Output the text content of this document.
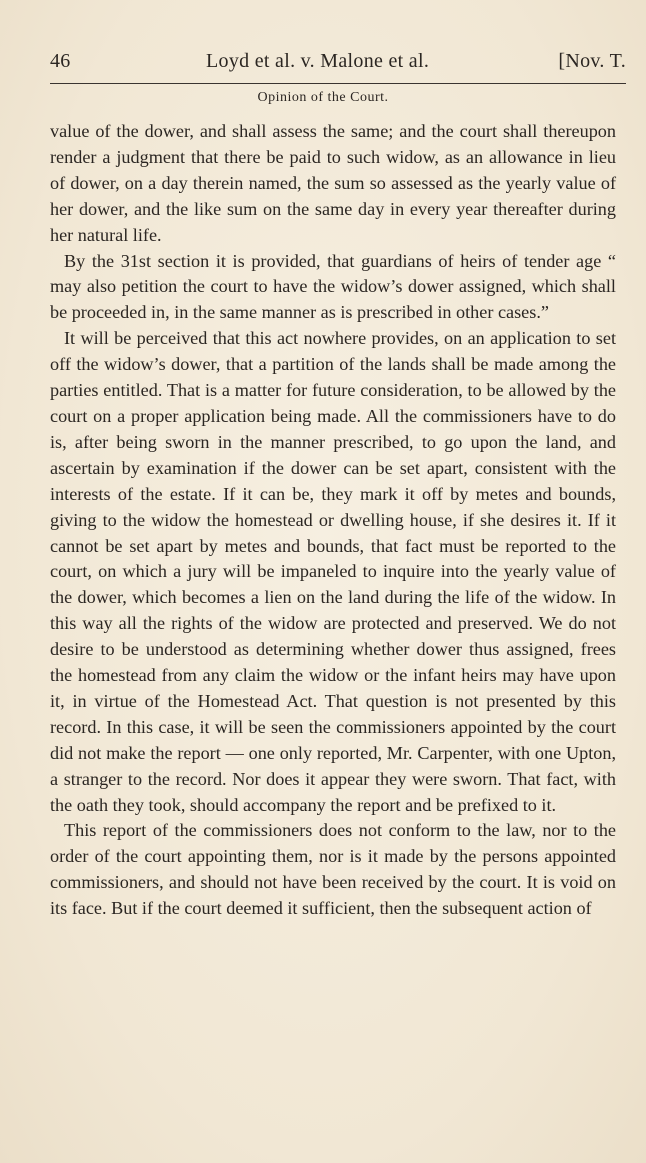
46	Loyd et al. v. Malone et al.	[Nov. T.
Opinion of the Court.

value of the dower, and shall assess the same; and the court shall thereupon render a judgment that there be paid to such widow, as an allowance in lieu of dower, on a day therein named, the sum so assessed as the yearly value of her dower, and the like sum on the same day in every year thereafter during her natural life.

By the 31st section it is provided, that guardians of heirs of tender age “ may also petition the court to have the widow’s dower assigned, which shall be proceeded in, in the same manner as is prescribed in other cases.”

It will be perceived that this act nowhere provides, on an application to set off the widow’s dower, that a partition of the lands shall be made among the parties entitled. That is a matter for future consideration, to be allowed by the court on a proper application being made. All the commissioners have to do is, after being sworn in the manner prescribed, to go upon the land, and ascertain by examination if the dower can be set apart, consistent with the interests of the estate. If it can be, they mark it off by metes and bounds, giving to the widow the homestead or dwelling house, if she desires it. If it cannot be set apart by metes and bounds, that fact must be reported to the court, on which a jury will be impaneled to inquire into the yearly value of the dower, which becomes a lien on the land during the life of the widow. In this way all the rights of the widow are protected and preserved. We do not desire to be understood as determining whether dower thus assigned, frees the homestead from any claim the widow or the infant heirs may have upon it, in virtue of the Homestead Act. That question is not presented by this record. In this case, it will be seen the commissioners appointed by the court did not make the report — one only reported, Mr. Carpenter, with one Upton, a stranger to the record. Nor does it appear they were sworn. That fact, with the oath they took, should accompany the report and be prefixed to it.

This report of the commissioners does not conform to the law, nor to the order of the court appointing them, nor is it made by the persons appointed commissioners, and should not have been received by the court. It is void on its face. But if the court deemed it sufficient, then the subsequent action of
